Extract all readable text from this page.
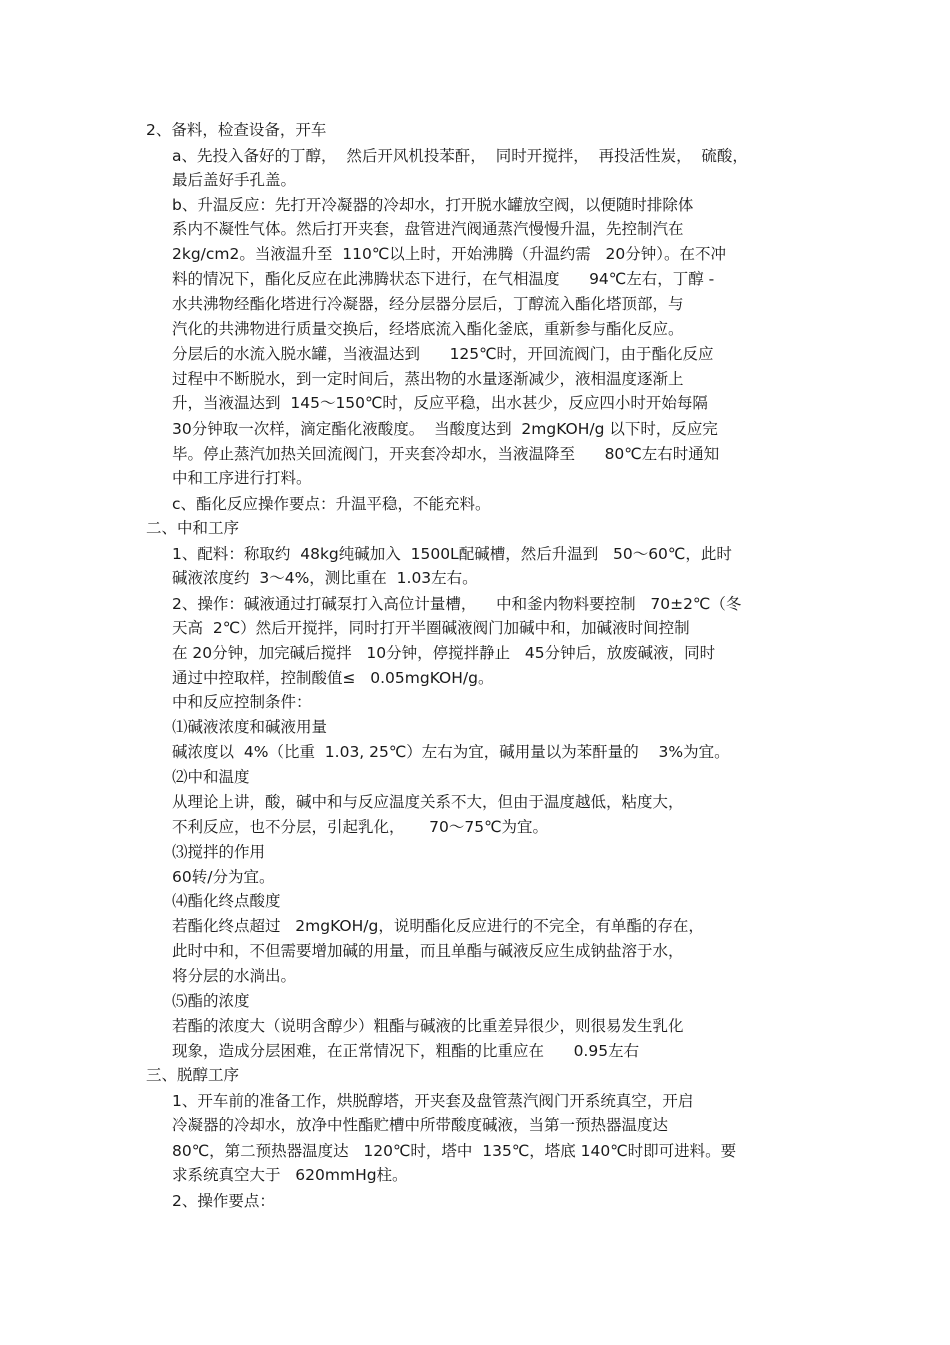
2、备料，检查设备，开车

a、先投入备好的丁醇，  然后开风机投苯酐，  同时开搅拌，  再投活性炭，  硫酸，

最后盖好手孔盖。

b、升温反应：先打开冷凝器的冷却水，打开脱水罐放空阀，以便随时排除体

系内不凝性气体。然后打开夹套，盘管进汽阀通蒸汽慢慢升温，先控制汽在

2kg/cm2。当液温升至  110℃以上时，开始沸腾（升温约需   20分钟）。在不冲

料的情况下，酯化反应在此沸腾状态下进行，在气相温度      94℃左右，丁醇 -

水共沸物经酯化塔进行冷凝器，经分层器分层后，丁醇流入酯化塔顶部，与

汽化的共沸物进行质量交换后，经塔底流入酯化釜底，重新参与酯化反应。

分层后的水流入脱水罐，当液温达到      125℃时，开回流阀门，由于酯化反应

过程中不断脱水，到一定时间后，蒸出物的水量逐渐减少，液相温度逐渐上

升，当液温达到  145～150℃时，反应平稳，出水甚少，反应四小时开始每隔

30分钟取一次样，滴定酯化液酸度。  当酸度达到  2mgKOH/g 以下时，反应完

毕。停止蒸汽加热关回流阀门，开夹套冷却水，当液温降至      80℃左右时通知

中和工序进行打料。

c、酯化反应操作要点：升温平稳，不能充料。

二、中和工序

1、配料：称取约  48kg纯碱加入  1500L配碱槽，然后升温到   50～60℃，此时

碱液浓度约  3～4%，测比重在  1.03左右。

2、操作：碱液通过打碱泵打入高位计量槽，    中和釜内物料要控制   70±2℃（冬

天高  2℃）然后开搅拌，同时打开半圈碱液阀门加碱中和，加碱液时间控制

在 20分钟，加完碱后搅拌   10分钟，停搅拌静止   45分钟后，放废碱液，同时

通过中控取样，控制酸值≤   0.05mgKOH/g。

中和反应控制条件：

⑴碱液浓度和碱液用量

碱浓度以  4%（比重  1.03, 25℃）左右为宜，碱用量以为苯酐量的    3%为宜。

⑵中和温度

从理论上讲，酸，碱中和与反应温度关系不大，但由于温度越低，粘度大，

不利反应，也不分层，引起乳化，     70～75℃为宜。

⑶搅拌的作用

60转/分为宜。

⑷酯化终点酸度

若酯化终点超过   2mgKOH/g，说明酯化反应进行的不完全，有单酯的存在，

此时中和，不但需要增加碱的用量，而且单酯与碱液反应生成钠盐溶于水，

将分层的水淌出。

⑸酯的浓度

若酯的浓度大（说明含醇少）粗酯与碱液的比重差异很少，则很易发生乳化

现象，造成分层困难，在正常情况下，粗酯的比重应在      0.95左右

三、脱醇工序

1、开车前的准备工作，烘脱醇塔，开夹套及盘管蒸汽阀门开系统真空，开启

冷凝器的冷却水，放净中性酯贮槽中所带酸度碱液，当第一预热器温度达

80℃，第二预热器温度达   120℃时，塔中  135℃，塔底 140℃时即可进料。要

求系统真空大于   620mmHg柱。

2、操作要点：
